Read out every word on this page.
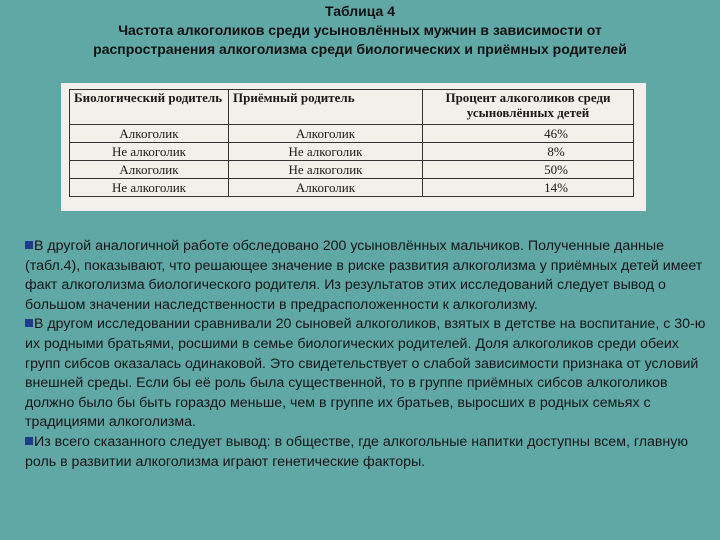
Таблица 4
Частота алкоголиков среди усыновлённых мужчин в зависимости от
распространения алкоголизма среди биологических и приёмных родителей
Биологический родитель	Приёмный родитель	Процент алкоголиков среди усыновлённых детей
Алкоголик	Алкоголик	46%
Не алкоголик	Не алкоголик	8%
Алкоголик	Не алкоголик	50%
Не алкоголик	Алкоголик	14%

В другой аналогичной работе обследовано 200 усыновлённых мальчиков. Полученные данные (табл.4), показывают, что решающее значение в риске развития алкоголизма у приёмных детей имеет факт алкоголизма биологического родителя. Из результатов этих исследований следует вывод о большом значении наследственности в предрасположенности к алкоголизму.

В другом исследовании сравнивали 20 сыновей алкоголиков, взятых в детстве на воспитание, с 30-ю их родными братьями, росшими в семье биологических родителей. Доля алкоголиков среди обеих групп сибсов оказалась одинаковой. Это свидетельствует о слабой зависимости признака от условий внешней среды. Если бы её роль была существенной, то в группе приёмных сибсов алкоголиков должно было бы быть гораздо меньше, чем в группе их братьев, выросших в родных семьях с традициями алкоголизма.

Из всего сказанного следует вывод: в обществе, где алкогольные напитки доступны всем, главную роль в развитии алкоголизма играют генетические факторы.
